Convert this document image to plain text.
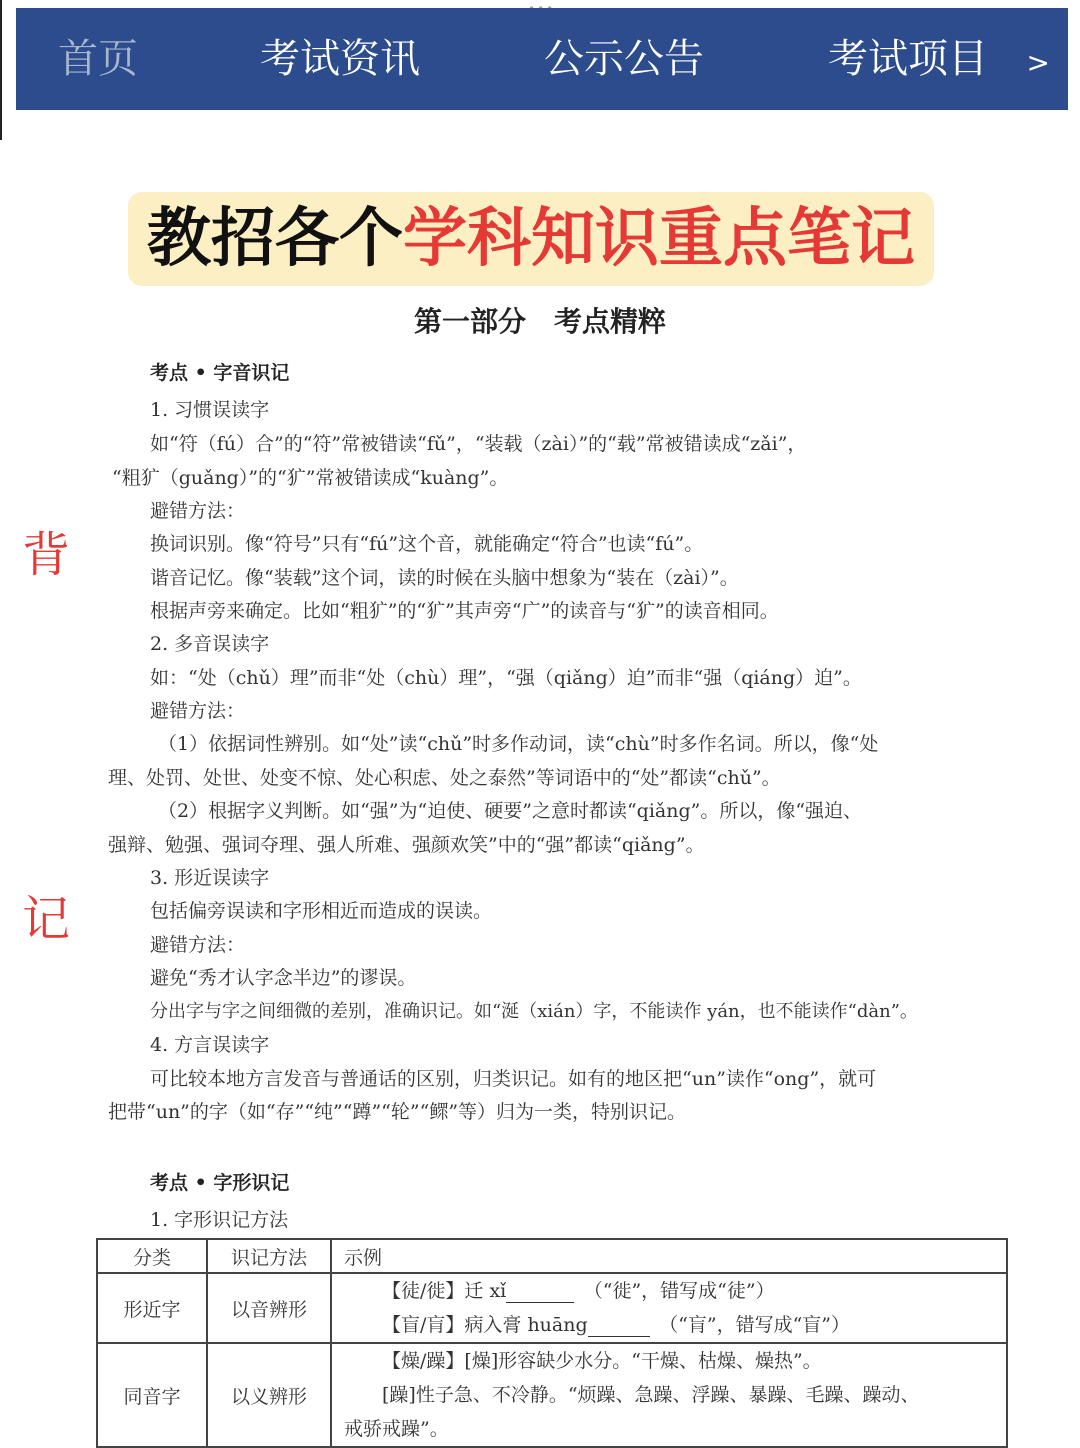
首页	考试资讯	公示公告	考试项目 >
教招各个学科知识重点笔记
第一部分　考点精粹
背
记
考点 • 字音识记
1. 习惯误读字
如“符（fú）合”的“符”常被错读“fǔ”，“装载（zài）”的“载”常被错读成“zǎi”，
“粗犷（guǎng）”的“犷”常被错读成“kuàng”。
避错方法：
换词识别。像“符号”只有“fú”这个音，就能确定“符合”也读“fú”。
谐音记忆。像“装载”这个词，读的时候在头脑中想象为“装在（zài）”。
根据声旁来确定。比如“粗犷”的“犷”其声旁“广”的读音与“犷”的读音相同。
2. 多音误读字
如：“处（chǔ）理”而非“处（chù）理”，“强（qiǎng）迫”而非“强（qiáng）迫”。
避错方法：
（1）依据词性辨别。如“处”读“chǔ”时多作动词，读“chù”时多作名词。所以，像“处
理、处罚、处世、处变不惊、处心积虑、处之泰然”等词语中的“处”都读“chǔ”。
（2）根据字义判断。如“强”为“迫使、硬要”之意时都读“qiǎng”。所以，像“强迫、
强辩、勉强、强词夺理、强人所难、强颜欢笑”中的“强”都读“qiǎng”。
3. 形近误读字
包括偏旁误读和字形相近而造成的误读。
避错方法：
避免“秀才认字念半边”的谬误。
分出字与字之间细微的差别，准确识记。如“涎（xián）字，不能读作 yán，也不能读作“dàn”。
4. 方言误读字
可比较本地方言发音与普通话的区别，归类识记。如有的地区把“un”读作“ong”，就可
把带“un”的字（如“存”“纯”“蹲”“轮”“鳏”等）归为一类，特别识记。
考点 • 字形识记
1. 字形识记方法
分类	识记方法	示例
形近字	以音辨形	【徒/徙】迁 xǐ　 （“徙”，错写成“徒”）
【盲/肓】病入膏 huāng　 （“肓”，错写成“盲”）

同音字	以义辨形	【燥/躁】[燥]形容缺少水分。“干燥、枯燥、燥热”。
[躁]性子急、不冷静。“烦躁、急躁、浮躁、暴躁、毛躁、躁动、
戒骄戒躁”。
